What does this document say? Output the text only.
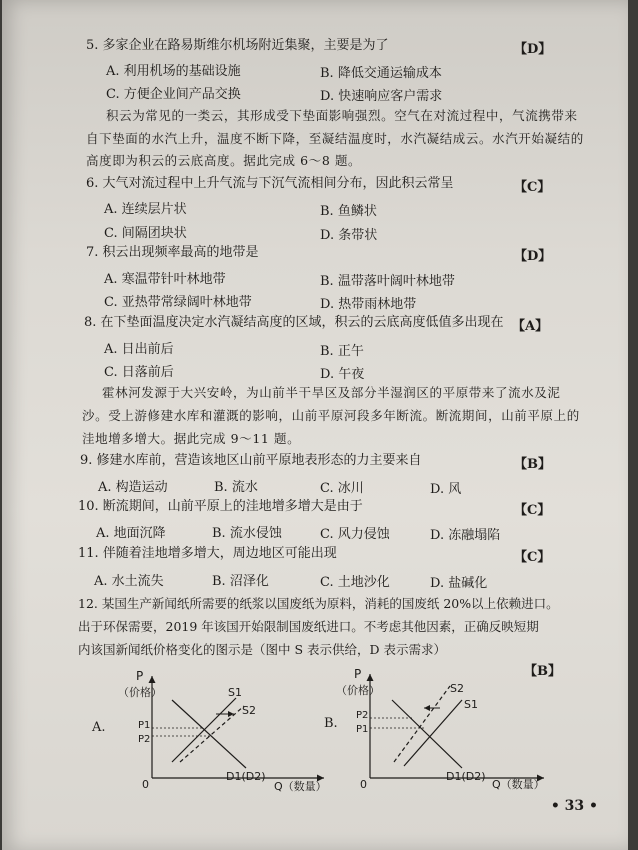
5. 多家企业在路易斯维尔机场附近集聚，主要是为了	【D】
A. 利用机场的基础设施	B. 降低交通运输成本
C. 方便企业间产品交换	D. 快速响应客户需求
积云为常见的一类云，其形成受下垫面影响强烈。空气在对流过程中，气流携带来
自下垫面的水汽上升，温度不断下降，至凝结温度时，水汽凝结成云。水汽开始凝结的
高度即为积云的云底高度。据此完成 6～8 题。
6. 大气对流过程中上升气流与下沉气流相间分布，因此积云常呈	【C】
A. 连续层片状	B. 鱼鳞状
C. 间隔团块状	D. 条带状
7. 积云出现频率最高的地带是	【D】
A. 寒温带针叶林地带	B. 温带落叶阔叶林地带
C. 亚热带常绿阔叶林地带	D. 热带雨林地带
8. 在下垫面温度决定水汽凝结高度的区域，积云的云底高度低值多出现在 【A】
A. 日出前后	B. 正午
C. 日落前后	D. 午夜
霍林河发源于大兴安岭，为山前半干旱区及部分半湿润区的平原带来了流水及泥
沙。受上游修建水库和灌溉的影响，山前平原河段多年断流。断流期间，山前平原上的
洼地增多增大。据此完成 9～11 题。
9. 修建水库前，营造该地区山前平原地表形态的力主要来自	【B】
A. 构造运动	B. 流水	C. 冰川	D. 风
10. 断流期间，山前平原上的洼地增多增大是由于	【C】
A. 地面沉降	B. 流水侵蚀	C. 风力侵蚀	D. 冻融塌陷
11. 伴随着洼地增多增大，周边地区可能出现	【C】
A. 水土流失	B. 沼泽化	C. 土地沙化	D. 盐碱化
12. 某国生产新闻纸所需要的纸浆以国废纸为原料，消耗的国废纸 20%以上依赖进口。
出于环保需要，2019 年该国开始限制国废纸进口。不考虑其他因素，正确反映短期
内该国新闻纸价格变化的图示是（图中 S 表示供给，D 表示需求）
【B】
A.
P
（价格）
0	Q（数量）
S1
S2
P1
P2
D1(D2)
B.
P
（价格）
0	Q（数量）
S2
S1
P2
P1
D1(D2)
• 33 •
